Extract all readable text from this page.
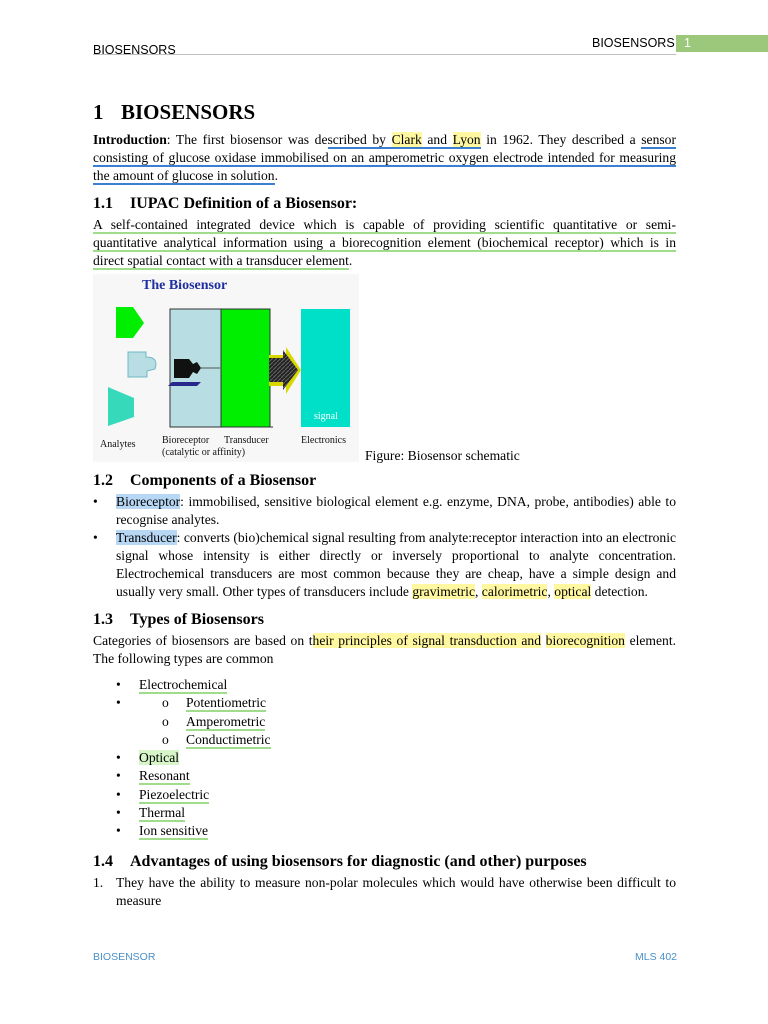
BIOSENSORS	BIOSENSORS 1
1 BIOSENSORS

Introduction: The first biosensor was described by Clark and Lyon in 1962. They described a sensor consisting of glucose oxidase immobilised on an amperometric oxygen electrode intended for measuring the amount of glucose in solution.

1.1 IUPAC Definition of a Biosensor:

A self-contained integrated device which is capable of providing scientific quantitative or semi-quantitative analytical information using a biorecognition element (biochemical receptor) which is in direct spatial contact with a transducer element.

The Biosensor
signal
Analytes	Bioreceptor
(catalytic or affinity)
Transducer	Electronics
Figure: Biosensor schematic
1.2 Components of a Biosensor
• Bioreceptor: immobilised, sensitive biological element e.g. enzyme, DNA, probe, antibodies) able to recognise analytes.
• Transducer: converts (bio)chemical signal resulting from analyte:receptor interaction into an electronic signal whose intensity is either directly or inversely proportional to analyte concentration. Electrochemical transducers are most common because they are cheap, have a simple design and usually very small. Other types of transducers include gravimetric, calorimetric, optical detection.
1.3 Types of Biosensors

Categories of biosensors are based on their principles of signal transduction and biorecognition element. The following types are common

• Electrochemical
o • Potentiometric
o Amperometric
o Conductimetric
• Optical
• Resonant
• Piezoelectric
• Thermal
• Ion sensitive
1.4 Advantages of using biosensors for diagnostic (and other) purposes
1. They have the ability to measure non-polar molecules which would have otherwise been difficult to measure
BIOSENSOR	MLS 402
